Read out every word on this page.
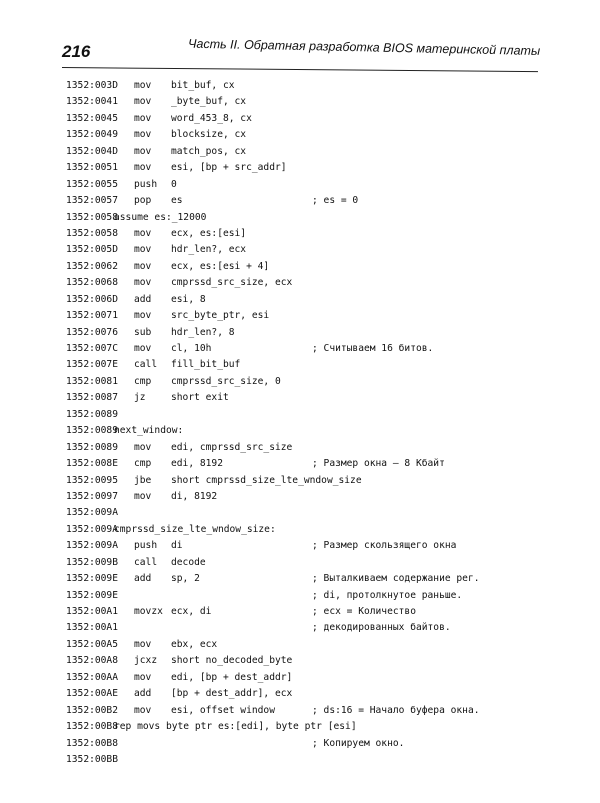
216	Часть II. Обратная разработка BIOS материнской платы
1352:003D mov bit_buf, cx
1352:0041 mov _byte_buf, cx
1352:0045 mov word_453_8, cx
1352:0049 mov blocksize, cx
1352:004D mov match_pos, cx
1352:0051 mov esi, [bp + src_addr]
1352:0055 push 0
1352:0057 pop es	; es = 0
1352:0058
assume es:_12000
1352:0058 mov ecx, es:[esi]
1352:005D mov hdr_len?, ecx
1352:0062 mov ecx, es:[esi + 4]
1352:0068 mov cmprssd_src_size, ecx
1352:006D add esi, 8
1352:0071 mov src_byte_ptr, esi
1352:0076 sub hdr_len?, 8
1352:007C mov cl, 10h	; Считываем 16 битов.
1352:007E call fill_bit_buf
1352:0081 cmp cmprssd_src_size, 0
1352:0087 jz	short exit
1352:0089
1352:0089
next_window:
1352:0089 mov edi, cmprssd_src_size
1352:008E cmp edi, 8192	; Размер окна — 8 Кбайт
1352:0095 jbe short cmprssd_size_lte_wndow_size
1352:0097 mov di, 8192
1352:009A
1352:009A
cmprssd_size_lte_wndow_size:
1352:009A push di	; Размер скользящего окна
1352:009B call decode
1352:009E add sp, 2	; Выталкиваем содержание рег.
1352:009E	; di, протолкнутое раньше.
1352:00A1 movzx ecx, di	; ecx = Количество
1352:00A1	; декодированных байтов.
1352:00A5 mov ebx, ecx
1352:00A8 jcxz short no_decoded_byte
1352:00AA mov edi, [bp + dest_addr]
1352:00AE add [bp + dest_addr], ecx
1352:00B2 mov esi, offset window	; ds:16 = Начало буфера окна.
1352:00B8
rep movs byte ptr es:[edi], byte ptr [esi]
1352:00B8	; Копируем окно.
1352:00BB
